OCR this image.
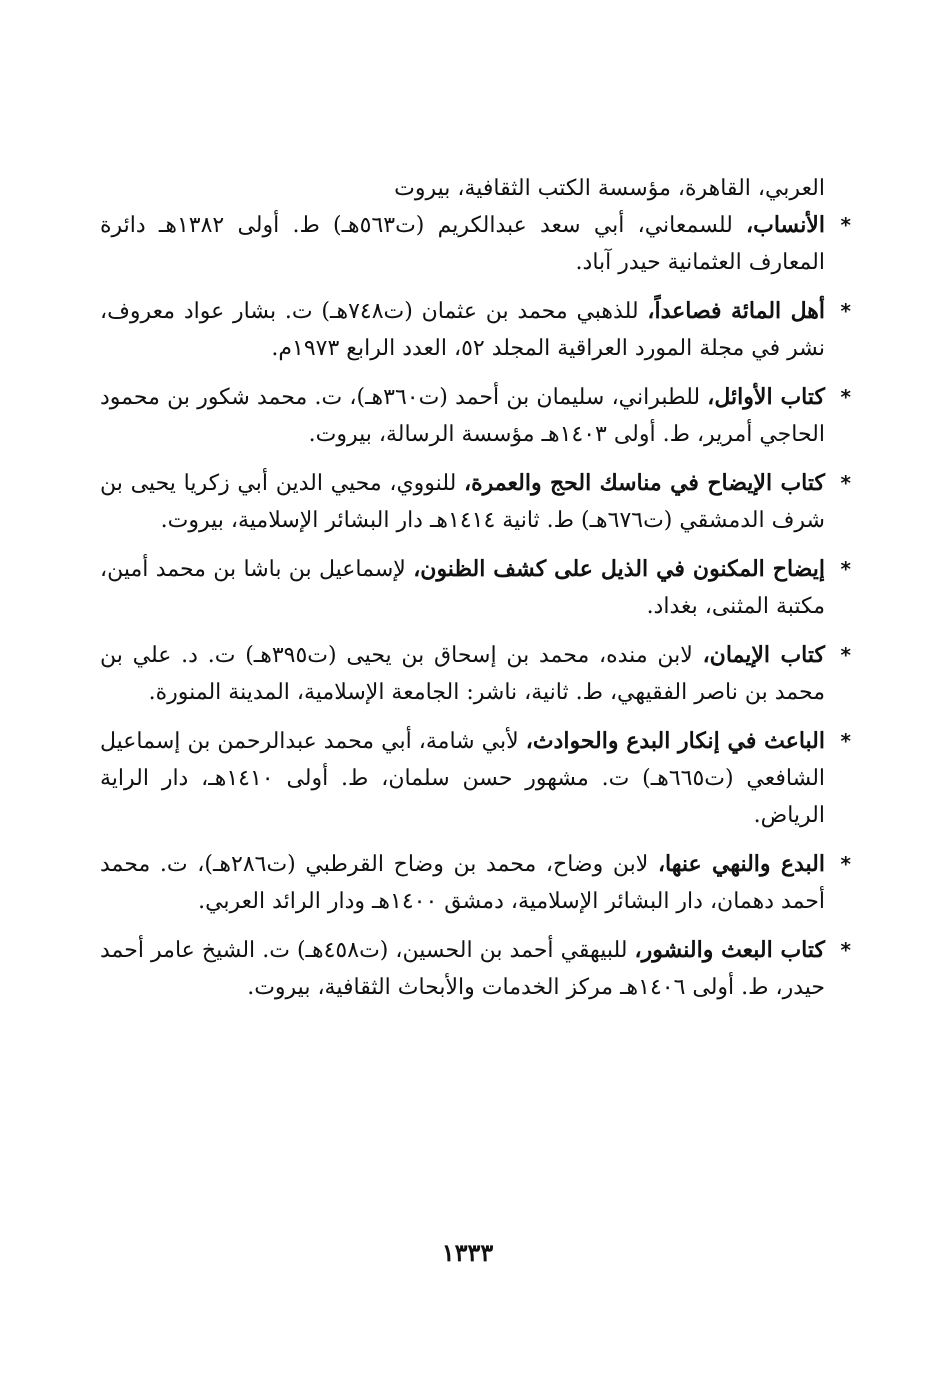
العربي، القاهرة، مؤسسة الكتب الثقافية، بيروت
*
الأنساب، للسمعاني، أبي سعد عبدالكريم (ت٥٦٣هـ) ط. أولى ١٣٨٢هـ دائرة المعارف العثمانية حيدر آباد.
*
أهل المائة فصاعداً، للذهبي محمد بن عثمان (ت٧٤٨هـ) ت. بشار عواد معروف، نشر في مجلة المورد العراقية المجلد ٥٢، العدد الرابع ١٩٧٣م.
*
كتاب الأوائل، للطبراني، سليمان بن أحمد (ت٣٦٠هـ)، ت. محمد شكور بن محمود الحاجي أمرير، ط. أولى ١٤٠٣هـ مؤسسة الرسالة، بيروت.
*
كتاب الإيضاح في مناسك الحج والعمرة، للنووي، محيي الدين أبي زكريا يحيى بن شرف الدمشقي (ت٦٧٦هـ) ط. ثانية ١٤١٤هـ دار البشائر الإسلامية، بيروت.
*
إيضاح المكنون في الذيل على كشف الظنون، لإسماعيل بن باشا بن محمد أمين، مكتبة المثنى، بغداد.
*
كتاب الإيمان، لابن منده، محمد بن إسحاق بن يحيى (ت٣٩٥هـ) ت. د. علي بن محمد بن ناصر الفقيهي، ط. ثانية، ناشر: الجامعة الإسلامية، المدينة المنورة.
*
الباعث في إنكار البدع والحوادث، لأبي شامة، أبي محمد عبدالرحمن بن إسماعيل الشافعي (ت٦٦٥هـ) ت. مشهور حسن سلمان، ط. أولى ١٤١٠هـ، دار الراية الرياض.
*
البدع والنهي عنها، لابن وضاح، محمد بن وضاح القرطبي (ت٢٨٦هـ)، ت. محمد أحمد دهمان، دار البشائر الإسلامية، دمشق ١٤٠٠هـ ودار الرائد العربي.
*
كتاب البعث والنشور، للبيهقي أحمد بن الحسين، (ت٤٥٨هـ) ت. الشيخ عامر أحمد حيدر، ط. أولى ١٤٠٦هـ مركز الخدمات والأبحاث الثقافية، بيروت.
١٣٣٣
